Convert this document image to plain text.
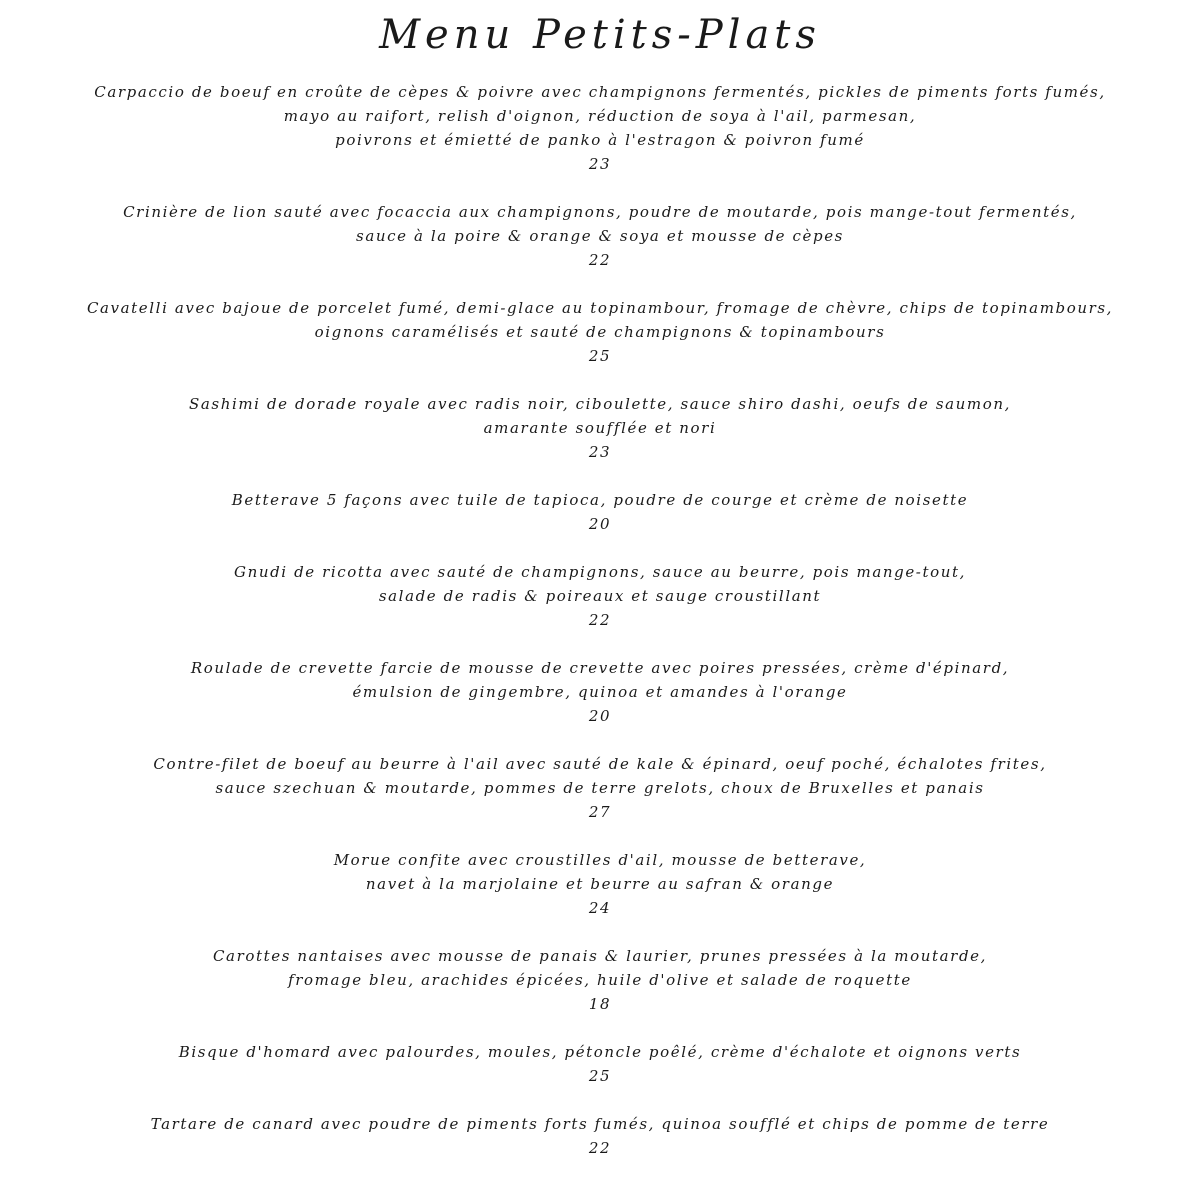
Menu Petits-Plats
Carpaccio de boeuf en croûte de cèpes & poivre avec champignons fermentés, pickles de piments forts fumés,
mayo au raifort, relish d'oignon, réduction de soya à l'ail, parmesan,
poivrons et émietté de panko à l'estragon & poivron fumé
23
Crinière de lion sauté avec focaccia aux champignons, poudre de moutarde, pois mange-tout fermentés,
sauce à la poire & orange & soya et mousse de cèpes
22
Cavatelli avec bajoue de porcelet fumé, demi-glace au topinambour, fromage de chèvre, chips de topinambours,
oignons caramélisés et sauté de champignons & topinambours
25
Sashimi de dorade royale avec radis noir, ciboulette, sauce shiro dashi, oeufs de saumon,
amarante soufflée et nori
23
Betterave 5 façons avec tuile de tapioca, poudre de courge et crème de noisette
20
Gnudi de ricotta avec sauté de champignons, sauce au beurre, pois mange-tout,
salade de radis & poireaux et sauge croustillant
22
Roulade de crevette farcie de mousse de crevette avec poires pressées, crème d'épinard,
émulsion de gingembre, quinoa et amandes à l'orange
20
Contre-filet de boeuf au beurre à l'ail avec sauté de kale & épinard, oeuf poché, échalotes frites,
sauce szechuan & moutarde, pommes de terre grelots, choux de Bruxelles et panais
27
Morue confite avec croustilles d'ail, mousse de betterave,
navet à la marjolaine et beurre au safran & orange
24
Carottes nantaises avec mousse de panais & laurier, prunes pressées à la moutarde,
fromage bleu, arachides épicées, huile d'olive et salade de roquette
18
Bisque d'homard avec palourdes, moules, pétoncle poêlé, crème d'échalote et oignons verts
25
Tartare de canard avec poudre de piments forts fumés, quinoa soufflé et chips de pomme de terre
22
